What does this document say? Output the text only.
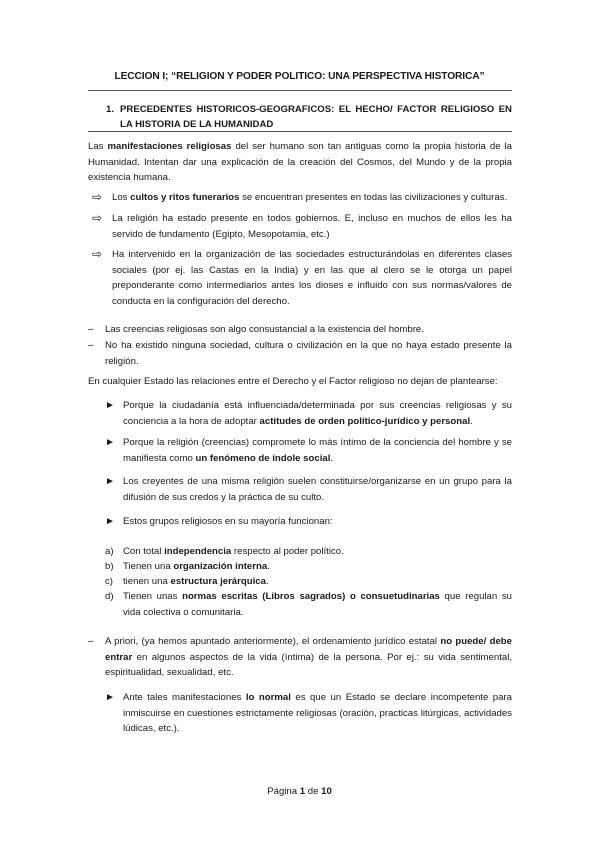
LECCION I; “RELIGION Y PODER POLITICO: UNA PERSPECTIVA HISTORICA”
1. PRECEDENTES HISTORICOS-GEOGRAFICOS: EL HECHO/ FACTOR RELIGIOSO EN LA HISTORIA DE LA HUMANIDAD
Las manifestaciones religiosas del ser humano son tan antiguas como la propia historia de la Humanidad. Intentan dar una explicación de la creación del Cosmos, del Mundo y de la propia existencia humana.
⇨ Los cultos y ritos funerarios se encuentran presentes en todas las civilizaciones y culturas.
⇨ La religión ha estado presente en todos gobiernos. E, incluso en muchos de ellos les ha servido de fundamento (Egipto, Mesopotamia, etc.)
⇨ Ha intervenido en la organización de las sociedades estructurándolas en diferentes clases sociales (por ej. las Castas en la India) y en las que al clero se le otorga un papel preponderante como intermediarios antes los dioses e influido con sus normas/valores de conducta en la configuración del derecho.
– Las creencias religiosas son algo consustancial a la existencia del hombre.
– No ha existido ninguna sociedad, cultura o civilización en la que no haya estado presente la religión.
En cualquier Estado las relaciones entre el Derecho y el Factor religioso no dejan de plantearse:
► Porque la ciudadanía está influenciada/determinada por sus creencias religiosas y su conciencia a la hora de adoptar actitudes de orden político-jurídico y personal.
► Porque la religión (creencias) compromete lo más íntimo de la conciencia del hombre y se manifiesta como un fenómeno de índole social.
► Los creyentes de una misma religión suelen constituirse/organizarse en un grupo para la difusión de sus credos y la práctica de su culto.
► Estos grupos religiosos en su mayoría funcionan:
a) Con total independencia respecto al poder político.
b) Tienen una organización interna.
c) tienen una estructura jerárquica.
d) Tienen unas normas escritas (Libros sagrados) o consuetudinarias que regulan su vida colectiva o comunitaria.
– A priori, (ya hemos apuntado anteriormente), el ordenamiento jurídico estatal no puede/ debe entrar en algunos aspectos de la vida (íntima) de la persona. Por ej.: su vida sentimental, espiritualidad, sexualidad, etc.
► Ante tales manifestaciones lo normal es que un Estado se declare incompetente para inmiscuirse en cuestiones estrictamente religiosas (oración, practicas litúrgicas, actividades lúdicas, etc.).
Página 1 de 10
